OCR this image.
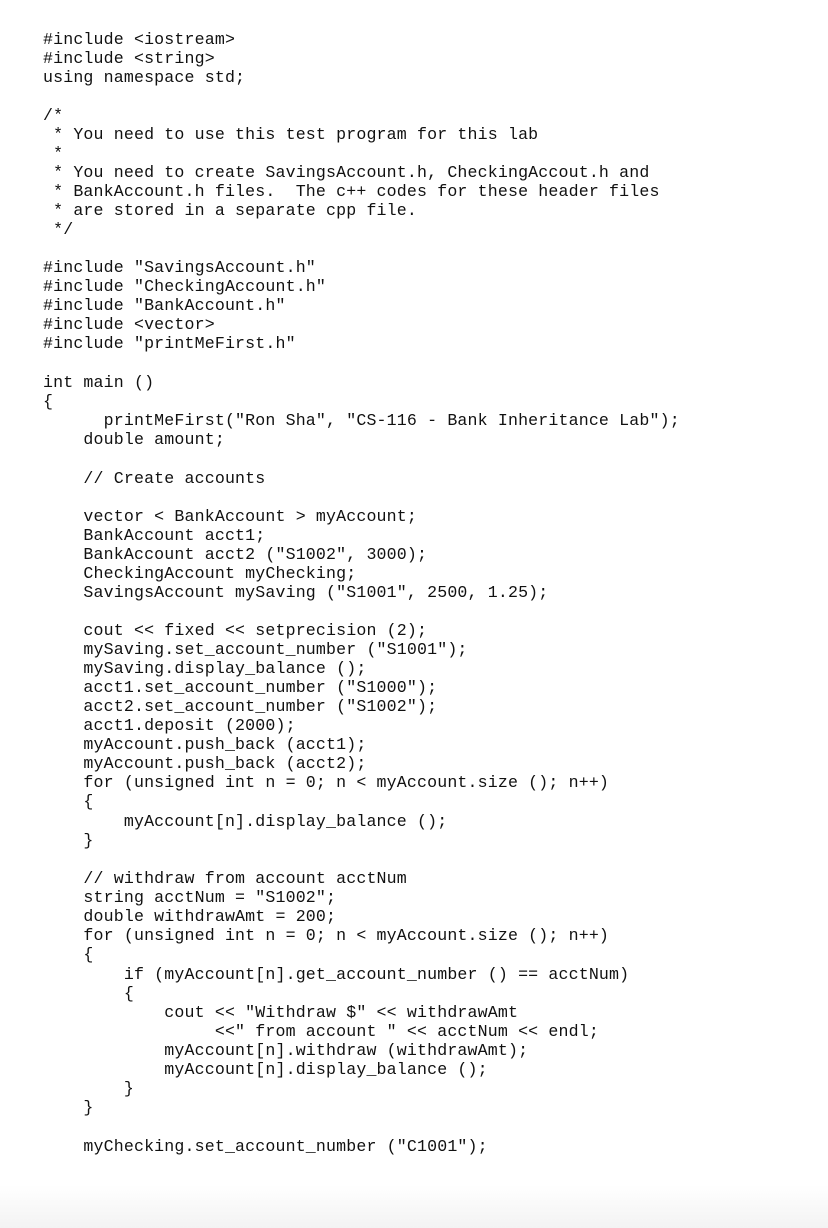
#include <iostream>
#include <string>
using namespace std;
/*
* You need to use this test program for this lab
*
* You need to create SavingsAccount.h, CheckingAccout.h and
* BankAccount.h files.  The c++ codes for these header files
* are stored in a separate cpp file.
*/
#include "SavingsAccount.h"
#include "CheckingAccount.h"
#include "BankAccount.h"
#include <vector>
#include "printMeFirst.h"
int main ()
{
printMeFirst("Ron Sha", "CS-116 - Bank Inheritance Lab");
double amount;
// Create accounts
vector < BankAccount > myAccount;
BankAccount acct1;
BankAccount acct2 ("S1002", 3000);
CheckingAccount myChecking;
SavingsAccount mySaving ("S1001", 2500, 1.25);
cout << fixed << setprecision (2);
mySaving.set_account_number ("S1001");
mySaving.display_balance ();
acct1.set_account_number ("S1000");
acct2.set_account_number ("S1002");
acct1.deposit (2000);
myAccount.push_back (acct1);
myAccount.push_back (acct2);
for (unsigned int n = 0; n < myAccount.size (); n++)
{
myAccount[n].display_balance ();
}
// withdraw from account acctNum
string acctNum = "S1002";
double withdrawAmt = 200;
for (unsigned int n = 0; n < myAccount.size (); n++)
{
if (myAccount[n].get_account_number () == acctNum)
{
cout << "Withdraw $" << withdrawAmt
<<" from account " << acctNum << endl;
myAccount[n].withdraw (withdrawAmt);
myAccount[n].display_balance ();
}
}
myChecking.set_account_number ("C1001");
